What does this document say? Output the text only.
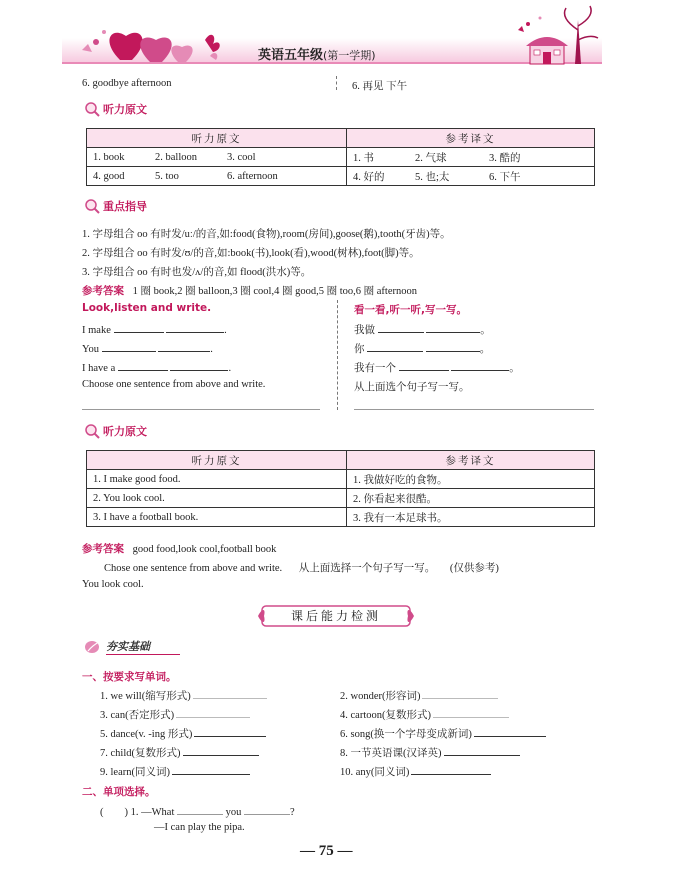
英语五年级(第一学期)
6. goodbye afternoon	6. 再见 下午
听力原文
听力原文	参考译文
1. book 2. balloon 3. cool	1. 书 2. 气球 3. 酷的
4. good 5. too 6. afternoon	4. 好的 5. 也;太 6. 下午
重点指导
1. 字母组合 oo 有时发/uː/的音,如:food(食物),room(房间),goose(鹅),tooth(牙齿)等。
2. 字母组合 oo 有时发/ʊ/的音,如:book(书),look(看),wood(树林),foot(脚)等。
3. 字母组合 oo 有时也发/ʌ/的音,如 flood(洪水)等。
参考答案 1 圈 book,2 圈 balloon,3 圈 cool,4 圈 good,5 圈 too,6 圈 afternoon
Look,listen and write.	看一看,听一听,写一写。
I make	.
You	.
I have a	.
Choose one sentence from above and write.
我做	。
你	。
我有一个	。
从上面选个句子写一写。
听力原文
听力原文	参考译文
1. I make good food.	1. 我做好吃的食物。
2. You look cool.	2. 你看起来很酷。
3. I have a football book.	3. 我有一本足球书。
参考答案 good food,look cool,football book
Chose one sentence from above and write. 从上面选择一个句子写一写。 (仅供参考)
You look cool.
课后能力检测
夯实基础
一、按要求写单词。
1. we will(缩写形式)	2. wonder(形容词)
3. can(否定形式)	4. cartoon(复数形式)
5. dance(v. -ing 形式)	6. song(换一个字母变成新词)
7. child(复数形式)	8. 一节英语课(汉译英)
9. learn(同义词)	10. any(同义词)
二、单项选择。
(        ) 1. —What	you	?
—I can play the pipa.
— 75 —
